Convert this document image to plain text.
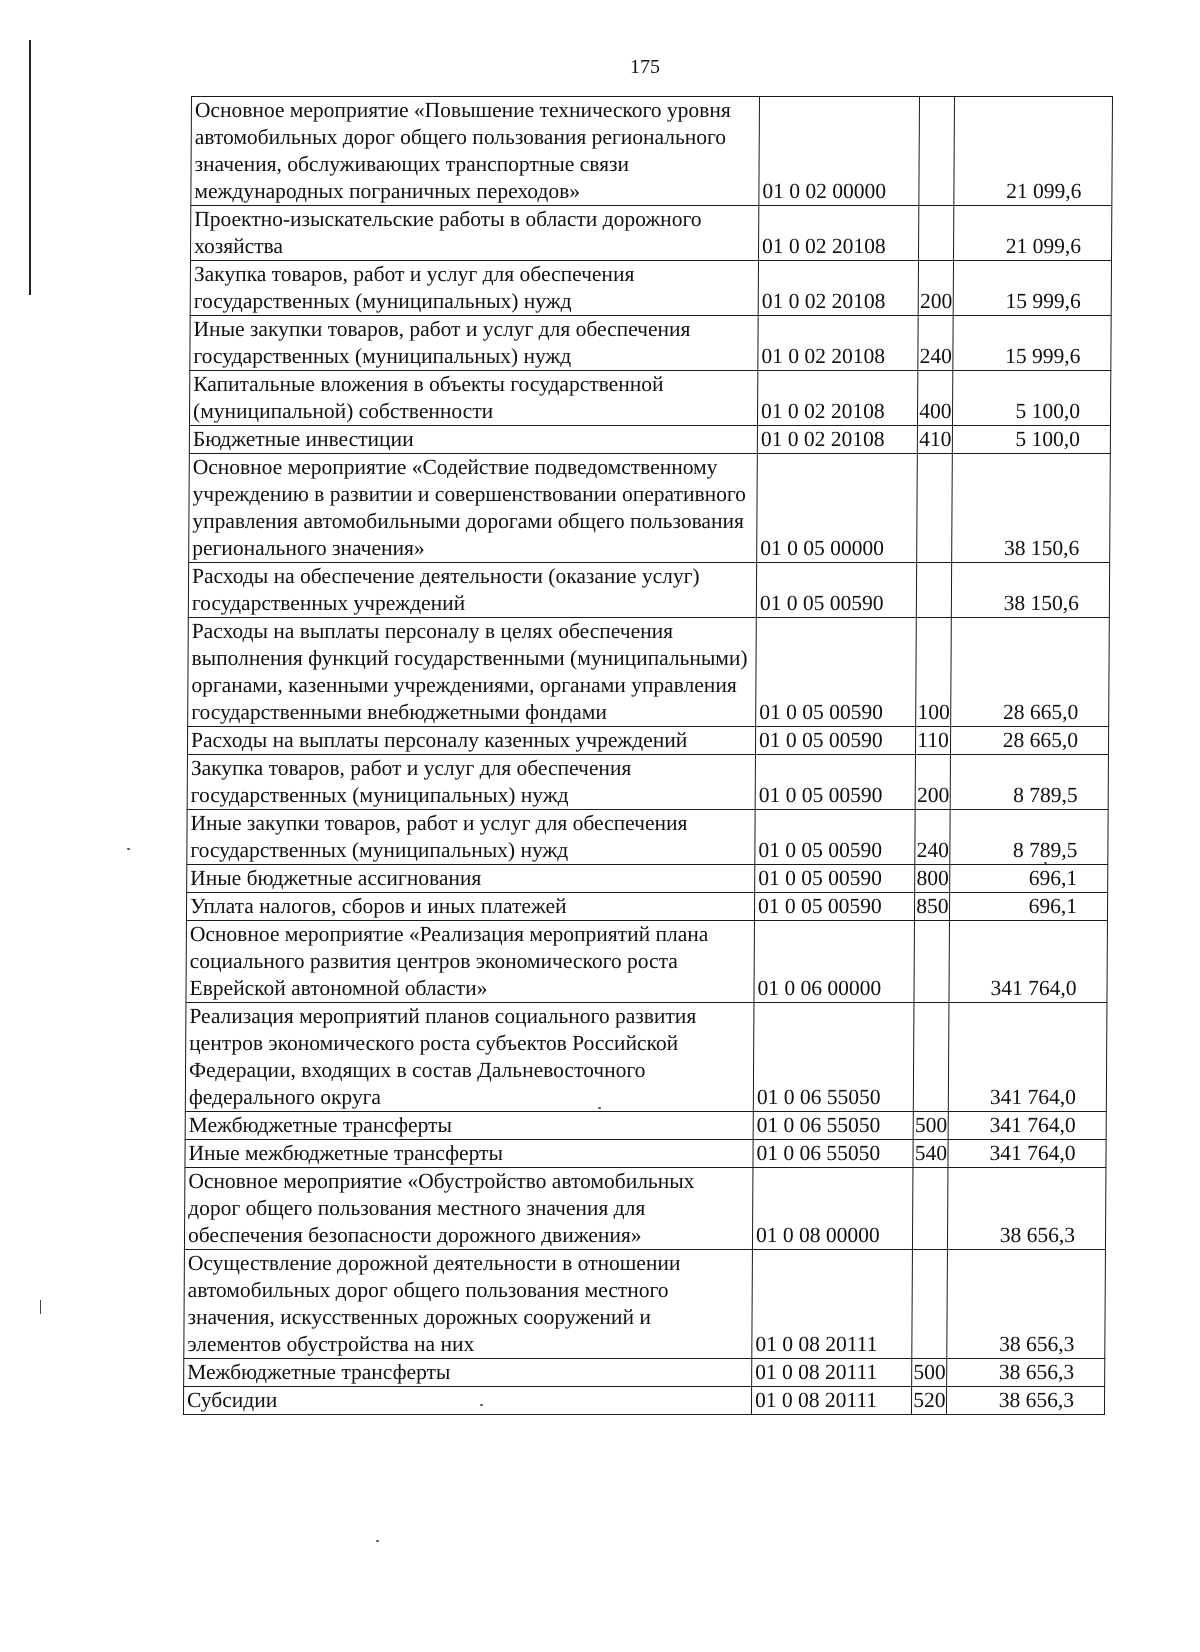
175
Основное мероприятие «Повышение технического уровня автомобильных дорог общего пользования регионального значения, обслуживающих транспортные связи международных пограничных переходов»	01 0 02 00000		21 099,6
Проектно-изыскательские работы в области дорожного хозяйства	01 0 02 20108		21 099,6
Закупка товаров, работ и услуг для обеспечения государственных (муниципальных) нужд	01 0 02 20108	200	15 999,6
Иные закупки товаров, работ и услуг для обеспечения государственных (муниципальных) нужд	01 0 02 20108	240	15 999,6
Капитальные вложения в объекты государственной (муниципальной) собственности	01 0 02 20108	400	5 100,0
Бюджетные инвестиции	01 0 02 20108	410	5 100,0
Основное мероприятие «Содействие подведомственному учреждению в развитии и совершенствовании оперативного управления автомобильными дорогами общего пользования регионального значения»	01 0 05 00000		38 150,6
Расходы на обеспечение деятельности (оказание услуг) государственных учреждений	01 0 05 00590		38 150,6
Расходы на выплаты персоналу в целях обеспечения выполнения функций государственными (муниципальными) органами, казенными учреждениями, органами управления государственными внебюджетными фондами	01 0 05 00590	100	28 665,0
Расходы на выплаты персоналу казенных учреждений	01 0 05 00590	110	28 665,0
Закупка товаров, работ и услуг для обеспечения государственных (муниципальных) нужд	01 0 05 00590	200	8 789,5
Иные закупки товаров, работ и услуг для обеспечения государственных (муниципальных) нужд	01 0 05 00590	240	8 789,5
Иные бюджетные ассигнования	01 0 05 00590	800	696,1
Уплата налогов, сборов и иных платежей	01 0 05 00590	850	696,1
Основное мероприятие «Реализация мероприятий плана социального развития центров экономического роста Еврейской автономной области»	01 0 06 00000		341 764,0
Реализация мероприятий планов социального развития центров экономического роста субъектов Российской Федерации, входящих в состав Дальневосточного федерального округа	01 0 06 55050		341 764,0
Межбюджетные трансферты	01 0 06 55050	500	341 764,0
Иные межбюджетные трансферты	01 0 06 55050	540	341 764,0
Основное мероприятие «Обустройство автомобильных дорог общего пользования местного значения для обеспечения безопасности дорожного движения»	01 0 08 00000		38 656,3
Осуществление дорожной деятельности в отношении автомобильных дорог общего пользования местного значения, искусственных дорожных сооружений и элементов обустройства на них	01 0 08 20111		38 656,3
Межбюджетные трансферты	01 0 08 20111	500	38 656,3
Субсидии	01 0 08 20111	520	38 656,3
